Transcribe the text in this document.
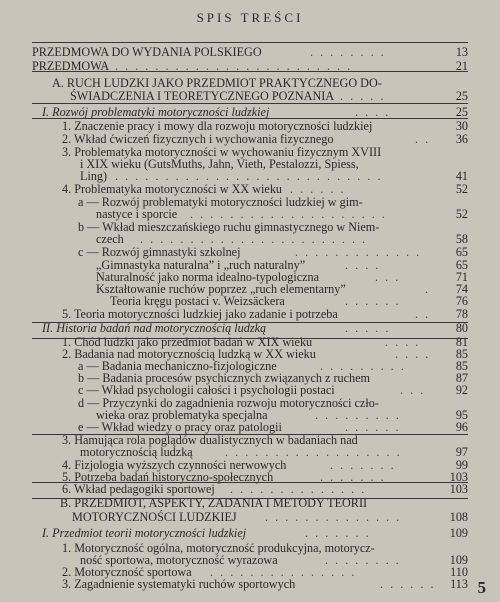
SPIS TREŚCI
PRZEDMOWA DO WYDANIA POLSKIEGO	. . . . . . . .	13
PRZEDMOWA . . . . . . . . . . . . . . . . . . . . . . . .	21
A. RUCH LUDZKI JAKO PRZEDMIOT PRAKTYCZNEGO DO-
ŚWIADCZENIA I TEORETYCZNEGO POZNANIA . . . . .	25
I. Rozwój problematyki motoryczności ludzkiej	. . . .	25
1. Znaczenie pracy i mowy dla rozwoju motoryczności ludzkiej	30
2. Wkład ćwiczeń fizycznych i wychowania fizycznego	. .	36
3. Problematyka motoryczności w wychowaniu fizycznym XVIII
i XIX wieku (GutsMuths, Jahn, Vieth, Pestalozzi, Spiess,
Ling) . . . . . . . . . . . . . . . . . . . . . . . . . . .	41
4. Problematyka motoryczności w XX wieku . . . . . .	52
a — Rozwój problematyki motoryczności ludzkiej w gim-
nastyce i sporcie . . . . . . . . . . . . . . . . . . . .	52
b — Wkład mieszczańskiego ruchu gimnastycznego w Niem-
czech . . . . . . . . . . . . . . . . . . . . . . .	58
c — Rozwój gimnastyki szkolnej	. . . . . . . . . . . . .	65
„Gimnastyka naturalna” i „ruch naturalny”	. . . .	65
Naturalność jako norma idealno-typologiczna	. . .	71
Kształtowanie ruchów poprzez „ruch elementarny”	.	74
Teoria kręgu postaci v. Weizsäckera	. . . . . .	76
5. Teoria motoryczności ludzkiej jako zadanie i potrzeba	. .	78
II. Historia badań nad motorycznością ludzką	. . . . .	80
1. Chód ludzki jako przedmiot badań w XIX wieku	. . . .	81
2. Badania nad motorycznością ludzką w XX wieku	. . . .	85
a — Badania mechaniczno-fizjologiczne	. . . . . . . . .	85
b — Badania procesów psychicznych związanych z ruchem	87
c — Wkład psychologii całości i psychologii postaci	. . .	92
d — Przyczynki do zagadnienia rozwoju motoryczności czło-
wieka oraz problematyka specjalna	. . . . . . . . .	95
e — Wkład wiedzy o pracy oraz patologii	. . . . . .	96
3. Hamująca rola poglądów dualistycznych w badaniach nad
motorycznością ludzką	. . . . . . . . . . . . . . . . . .	97
4. Fizjologia wyższych czynności nerwowych	. . . . . . .	99
5. Potrzeba badań historyczno-społecznych	. . . . . . .	103
6. Wkład pedagogiki sportowej . . . . . . . . . . . . . .	103
B. PRZEDMIOT, ASPEKTY, ZADANIA I METODY TEORII
MOTORYCZNOŚCI LUDZKIEJ . . . . . . . . . . . . . .	108
I. Przedmiot teorii motoryczności ludzkiej	. . . . . . .	109
1. Motoryczność ogólna, motoryczność produkcyjna, motorycz-
ność sportowa, motoryczność wyrazowa	. . . . . . . .	109
2. Motoryczność sportowa . . . . . . . . . . . . . . .	110
3. Zagadnienie systematyki ruchów sportowych	. . . . . .	113 5
